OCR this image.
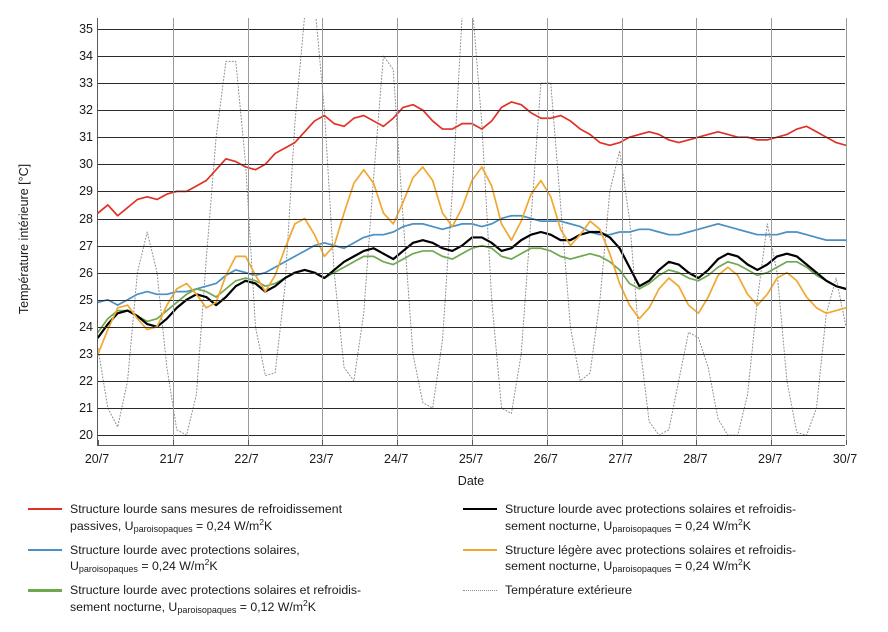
Température intérieure [°C]
20
21
22
23
24
25
26
27
28
29
30
31
32
33
34
35
20/7	21/7	22/7	23/7	24/7	25/7	26/7	27/7	28/7	29/7	30/7
Date
Structure lourde sans mesures de refroidissement
passives, Uparoisopaques = 0,24 $W/m^2K$
Structure lourde avec protections solaires et refroidis-
sement nocturne, Uparoisopaques = 0,24 $W/m^2K$
Structure lourde avec protections solaires,
Uparoisopaques = 0,24 $W/m^2K$
Structure légère avec protections solaires et refroidis-
sement nocturne, Uparoisopaques = 0,24 $W/m^2K$
Structure lourde avec protections solaires et refroidis-
sement nocturne, Uparoisopaques = 0,12 $W/m^2K$
Température extérieure
